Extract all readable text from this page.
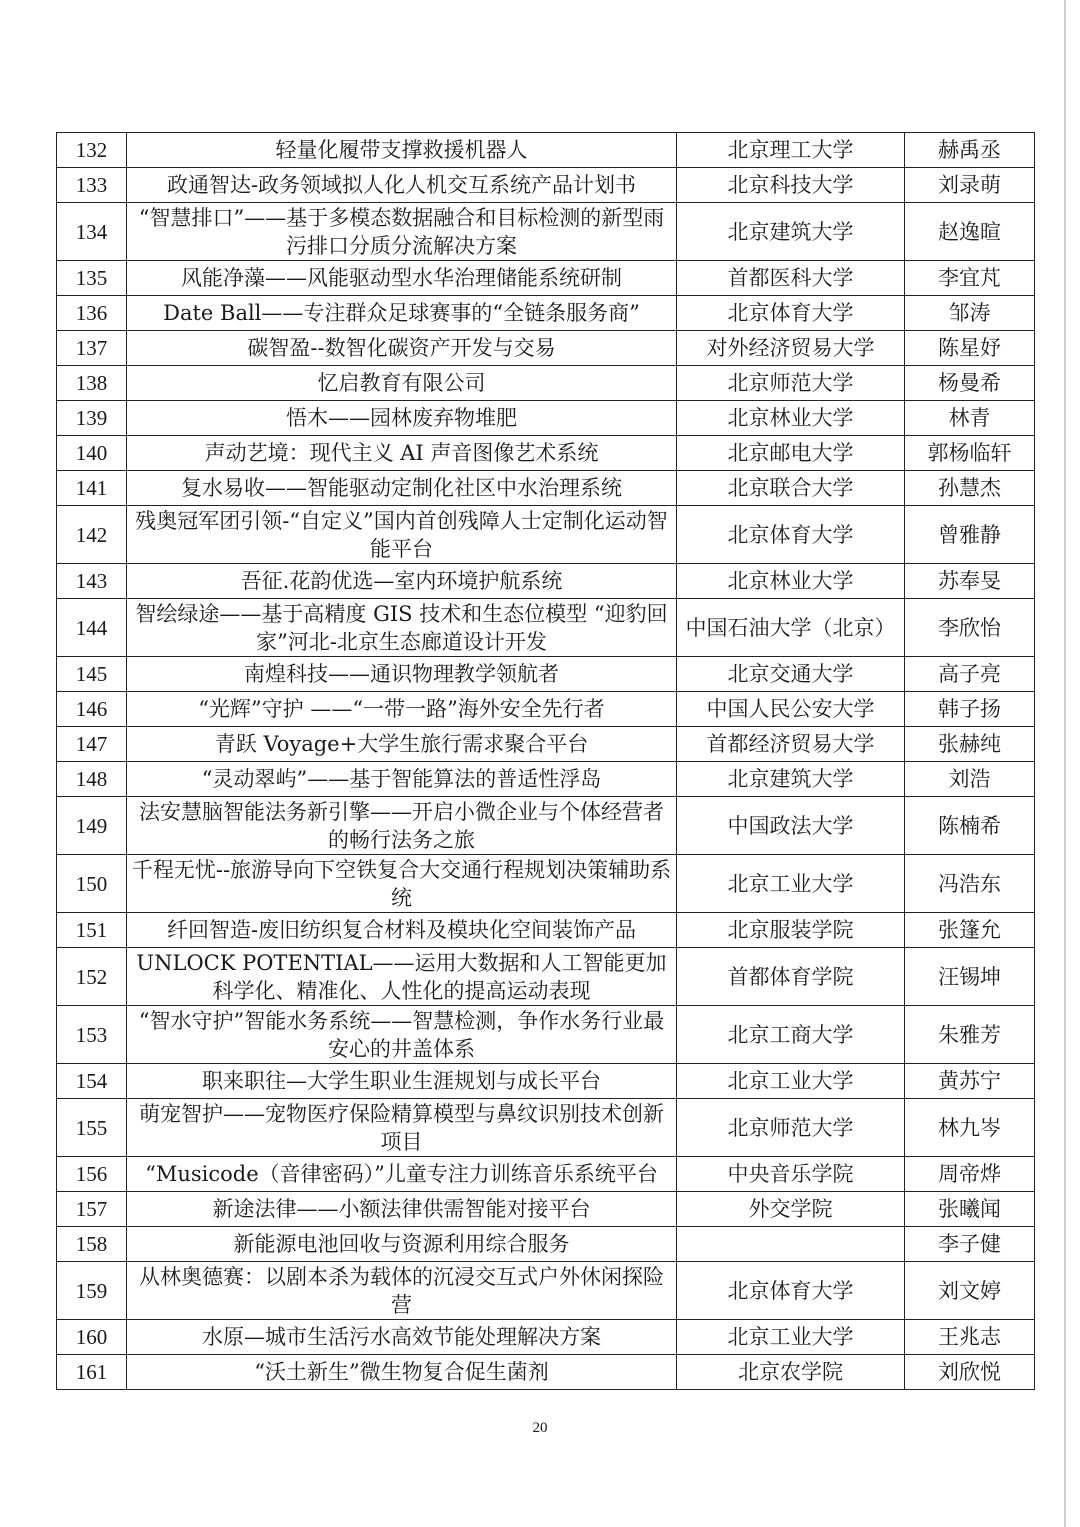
132	轻量化履带支撑救援机器人	北京理工大学	赫禹丞
133	政通智达-政务领域拟人化人机交互系统产品计划书	北京科技大学	刘录萌
134	“智慧排口”——基于多模态数据融合和目标检测的新型雨污排口分质分流解决方案	北京建筑大学	赵逸暄
135	风能净藻——风能驱动型水华治理储能系统研制	首都医科大学	李宜芃
136	Date Ball——专注群众足球赛事的“全链条服务商”	北京体育大学	邹涛
137	碳智盈--数智化碳资产开发与交易	对外经济贸易大学	陈星妤
138	忆启教育有限公司	北京师范大学	杨曼希
139	悟木——园林废弃物堆肥	北京林业大学	林青
140	声动艺境：现代主义 AI 声音图像艺术系统	北京邮电大学	郭杨临轩
141	复水易收——智能驱动定制化社区中水治理系统	北京联合大学	孙慧杰
142	残奥冠军团引领-“自定义”国内首创残障人士定制化运动智能平台	北京体育大学	曾雅静
143	吾征.花韵优选—室内环境护航系统	北京林业大学	苏奉旻
144	智绘绿途——基于高精度 GIS 技术和生态位模型 “迎豹回家”河北-北京生态廊道设计开发	中国石油大学（北京）	李欣怡
145	南煌科技——通识物理教学领航者	北京交通大学	高子亮
146	“光辉”守护 ——“一带一路”海外安全先行者	中国人民公安大学	韩子扬
147	青跃 Voyage+大学生旅行需求聚合平台	首都经济贸易大学	张赫纯
148	“灵动翠屿”——基于智能算法的普适性浮岛	北京建筑大学	刘浩
149	法安慧脑智能法务新引擎——开启小微企业与个体经营者的畅行法务之旅	中国政法大学	陈楠希
150	千程无忧--旅游导向下空铁复合大交通行程规划决策辅助系统	北京工业大学	冯浩东
151	纤回智造-废旧纺织复合材料及模块化空间装饰产品	北京服装学院	张篷允
152	UNLOCK POTENTIAL——运用大数据和人工智能更加科学化、精准化、人性化的提高运动表现	首都体育学院	汪锡坤
153	“智水守护”智能水务系统——智慧检测，争作水务行业最安心的井盖体系	北京工商大学	朱雅芳
154	职来职往—大学生职业生涯规划与成长平台	北京工业大学	黄苏宁
155	萌宠智护——宠物医疗保险精算模型与鼻纹识别技术创新项目	北京师范大学	林九岑
156	“Musicode（音律密码）”儿童专注力训练音乐系统平台	中央音乐学院	周帝烨
157	新途法律——小额法律供需智能对接平台	外交学院	张曦闻
158	新能源电池回收与资源利用综合服务		李子健
159	从林奥德赛：以剧本杀为载体的沉浸交互式户外休闲探险营	北京体育大学	刘文婷
160	水原—城市生活污水高效节能处理解决方案	北京工业大学	王兆志
161	“沃土新生”微生物复合促生菌剂	北京农学院	刘欣悦
20
